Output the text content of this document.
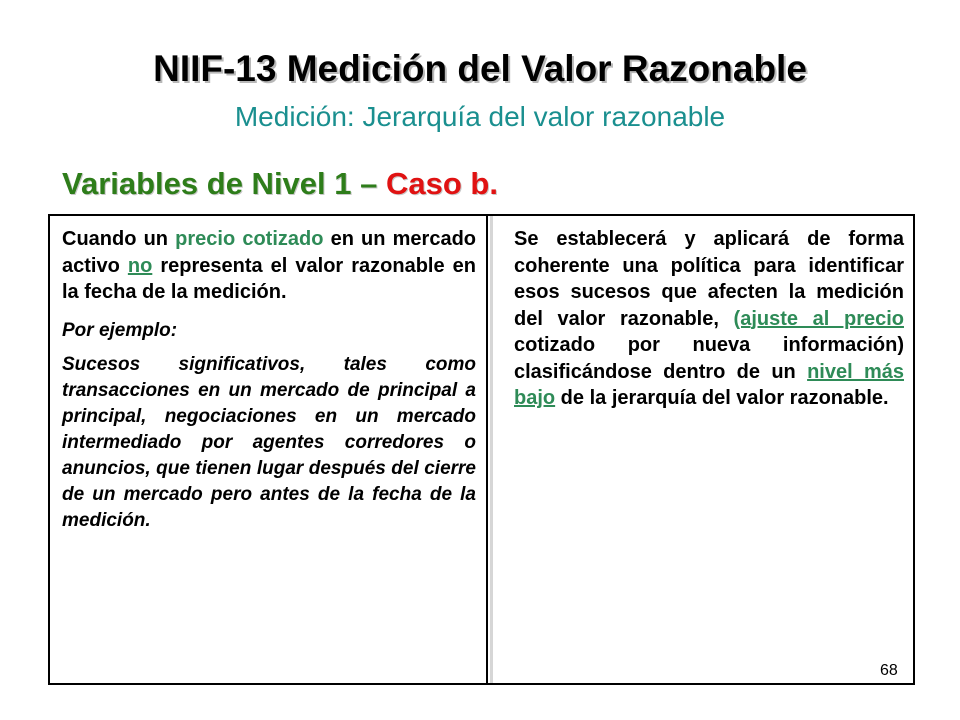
NIIF-13 Medición del Valor Razonable
Medición: Jerarquía del valor razonable
Variables de Nivel 1 – Caso b.

Cuando un precio cotizado en un mercado activo no representa el valor razonable en la fecha de la medición.

Por ejemplo:

Sucesos significativos, tales como transacciones en un mercado de principal a principal, negociaciones en un mercado intermediado por agentes corredores o anuncios, que tienen lugar después del cierre de un mercado pero antes de la fecha de la medición.

Se establecerá y aplicará de forma coherente una política para identificar esos sucesos que afecten la medición del valor razonable, (ajuste al precio cotizado por nueva información) clasificándose dentro de un nivel más bajo de la jerarquía del valor razonable.

68
